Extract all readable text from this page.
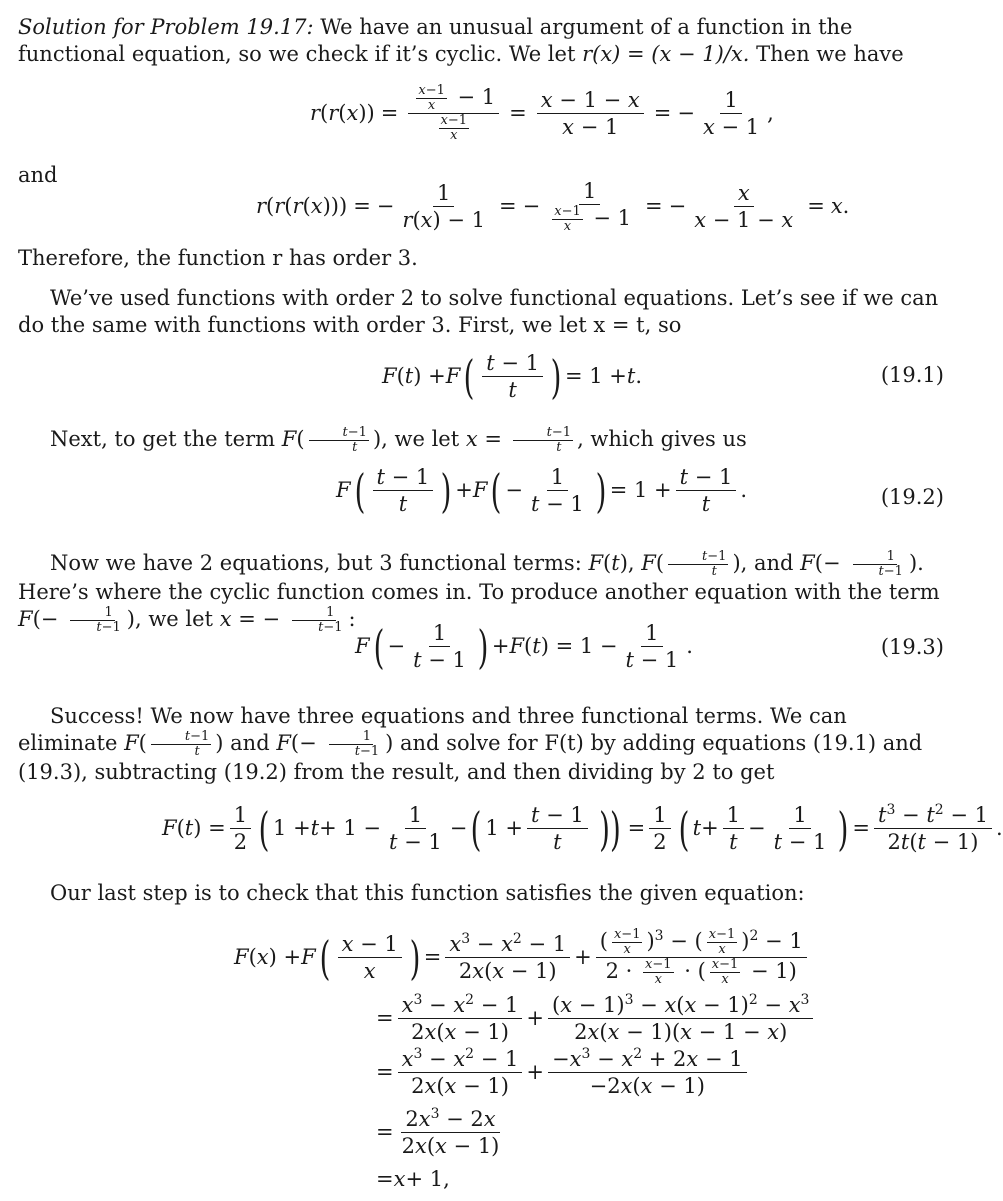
Solution for Problem 19.17: We have an unusual argument of a function in the functional equation, so we check if it’s cyclic. We let r(x) = (x − 1)/x. Then we have

r ( r ( x )) = $\frac{\frac{x-1}{x} - 1}{\frac{x-1}{x}} = \frac{x - 1 - x}{x - 1}$ = − $\frac{1}{x - 1}$ ,

and

r ( r ( r ( x ))) = − $\frac{1}{r(x) - 1}$ = − $\frac{1}{\frac{x-1}{x} - 1}$ = − $\frac{x}{x - 1 - x} = x$ .

Therefore, the function r has order 3.

We’ve used functions with order 2 to solve functional equations. Let’s see if we can do the same with functions with order 3. First, we let x = t, so

F ( t ) + F ( $\frac{t - 1}{t}$ ) = 1 + t .	(19.1)
Next, to get the term $F( \frac{t-1}{t}$ ), we let $x = \frac{t-1}{t}$ , which gives us
F ( $\frac{t - 1}{t}$ ) + F ( − $\frac{1}{t - 1}$ ) = $1 + \frac{t - 1}{t}$ .	(19.2)
Now we have 2 equations, but 3 functional terms: F(t), $F( \frac{t-1}{t}$ ), and $F(- \frac{1}{t-1}$ ). Here’s where the cyclic function comes in. To produce another equation with the term $F(- \frac{1}{t-1}$ ), we let x = − $\frac{1}{t-1}$ :
F ( − $\frac{1}{t - 1}$ ) + F ( t ) = $1 - \frac{1}{t - 1}$ .	(19.3)
Success! We now have three equations and three functional terms. We can eliminate $F( \frac{t-1}{t}$ ) and $F(- \frac{1}{t-1}$ ) and solve for F(t) by adding equations (19.1) and (19.3), subtracting (19.2) from the result, and then dividing by 2 to get
F ( t ) = $\frac{1}{2}$ ( $1 + t + 1 - \frac{1}{t - 1}$ − ( $1 + \frac{t - 1}{t}$ )) = $\frac{1}{2}$ ( $t + \frac{1}{t} - \frac{1}{t - 1}$ ) = $\frac{t^3 - t^2 - 1}{2t(t - 1)}$ .

Our last step is to check that this function satisfies the given equation:

F ( x ) + F ( $\frac{x - 1}{x}$ ) = $\frac{x^3 - x^2 - 1}{2x(x - 1)} + \frac{( \frac{x-1}{x} )^3 - ( \frac{x-1}{x} )^2 - 1}{2 \cdot \frac{x-1}{x} \cdot ( \frac{x-1}{x} - 1)}$
= $\frac{x^3 - x^2 - 1}{2x(x - 1)} + \frac{(x - 1)^3 - x(x - 1)^2 - x^3}{2x(x - 1)(x - 1 - x)}$
= $\frac{x^3 - x^2 - 1}{2x(x - 1)} + \frac{-x^3 - x^2 + 2x - 1}{-2x(x - 1)}$
= $\frac{2x^3 - 2x}{2x(x - 1)}$
= x + 1,
